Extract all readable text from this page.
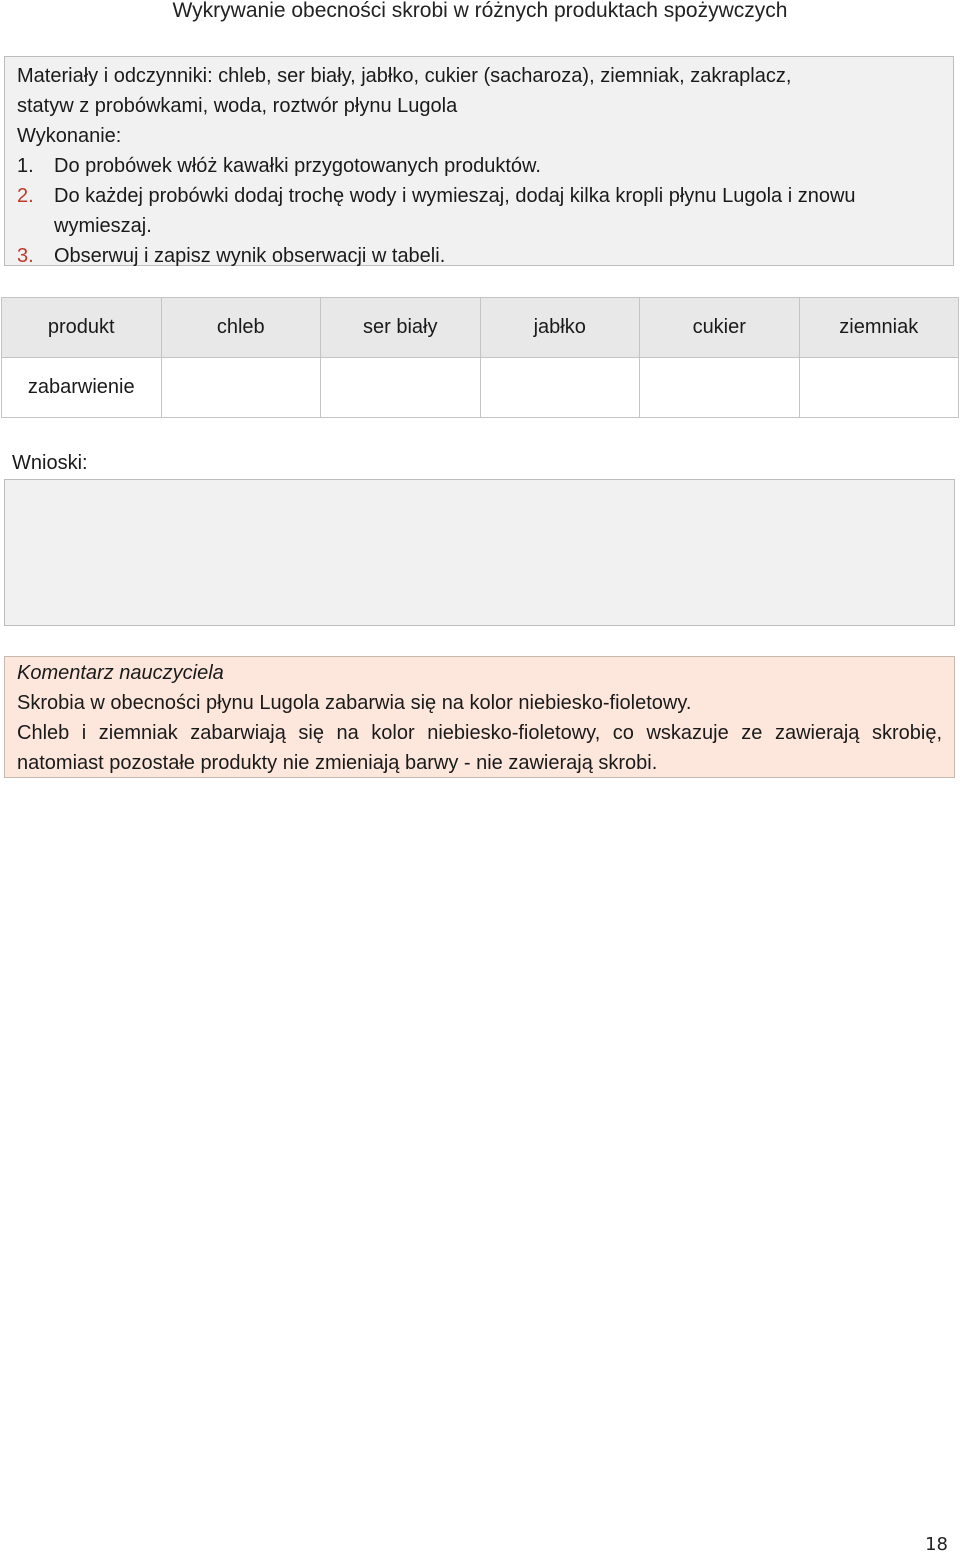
Wykrywanie obecności skrobi w różnych produktach spożywczych
Materiały i odczynniki: chleb, ser biały, jabłko, cukier (sacharoza), ziemniak, zakraplacz,
statyw z probówkami, woda, roztwór płynu Lugola
Wykonanie:
1. Do probówek włóż kawałki przygotowanych produktów.
2. Do każdej probówki dodaj trochę wody i wymieszaj, dodaj kilka kropli płynu Lugola i znowu wymieszaj.
3. Obserwuj i zapisz wynik obserwacji w tabeli.
produkt	chleb	ser biały	jabłko	cukier	ziemniak
zabarwienie					
Wnioski:
Komentarz nauczyciela
Skrobia w obecności płynu Lugola zabarwia się na kolor niebiesko-fioletowy.
Chleb i ziemniak zabarwiają się na kolor niebiesko-fioletowy, co wskazuje ze zawierają skrobię, natomiast pozostałe produkty nie zmieniają barwy - nie zawierają skrobi.
18
